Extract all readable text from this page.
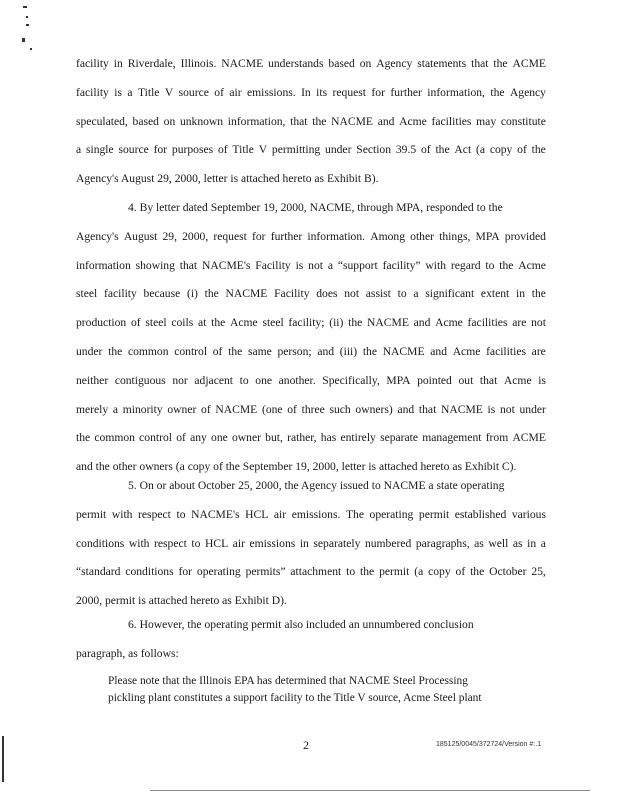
facility in Riverdale, Illinois. NACME understands based on Agency statements that the ACME
facility is a Title V source of air emissions. In its request for further information, the Agency
speculated, based on unknown information, that the NACME and Acme facilities may constitute
a single source for purposes of Title V permitting under Section 39.5 of the Act (a copy of the
Agency's August 29, 2000, letter is attached hereto as Exhibit B).
4. By letter dated September 19, 2000, NACME, through MPA, responded to the
Agency's August 29, 2000, request for further information. Among other things, MPA provided
information showing that NACME's Facility is not a “support facility” with regard to the Acme
steel facility because (i) the NACME Facility does not assist to a significant extent in the
production of steel coils at the Acme steel facility; (ii) the NACME and Acme facilities are not
under the common control of the same person; and (iii) the NACME and Acme facilities are
neither contiguous nor adjacent to one another. Specifically, MPA pointed out that Acme is
merely a minority owner of NACME (one of three such owners) and that NACME is not under
the common control of any one owner but, rather, has entirely separate management from ACME
and the other owners (a copy of the September 19, 2000, letter is attached hereto as Exhibit C).
5. On or about October 25, 2000, the Agency issued to NACME a state operating
permit with respect to NACME's HCL air emissions. The operating permit established various
conditions with respect to HCL air emissions in separately numbered paragraphs, as well as in a
“standard conditions for operating permits” attachment to the permit (a copy of the October 25,
2000, permit is attached hereto as Exhibit D).
6. However, the operating permit also included an unnumbered conclusion
paragraph, as follows:
Please note that the Illinois EPA has determined that NACME Steel Processing
pickling plant constitutes a support facility to the Title V source, Acme Steel plant
2	185125/0045/372724/Version #:.1
